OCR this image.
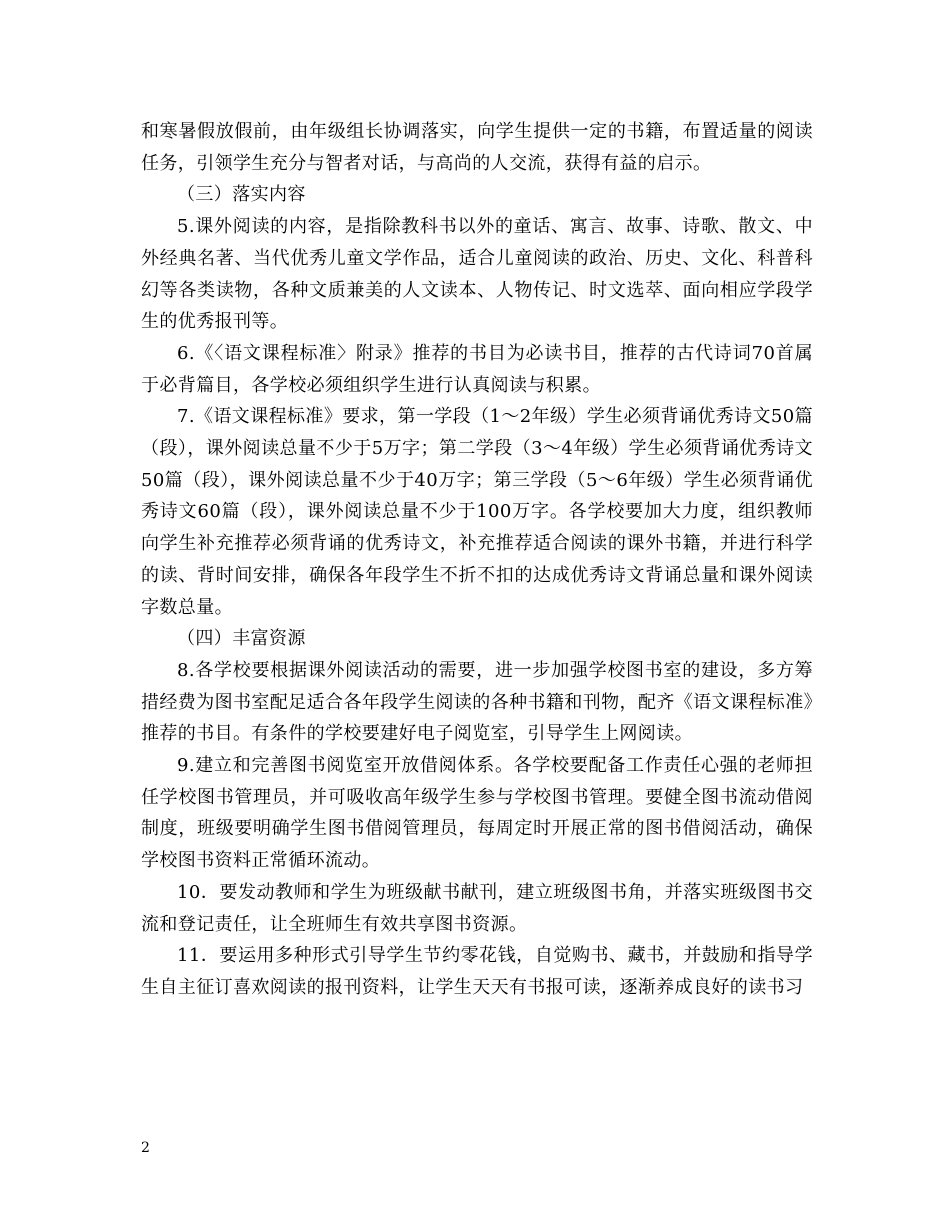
和寒暑假放假前，由年级组长协调落实，向学生提供一定的书籍，布置适量的阅读任务，引领学生充分与智者对话，与高尚的人交流，获得有益的启示。

（三）落实内容

5.课外阅读的内容，是指除教科书以外的童话、寓言、故事、诗歌、散文、中外经典名著、当代优秀儿童文学作品，适合儿童阅读的政治、历史、文化、科普科幻等各类读物，各种文质兼美的人文读本、人物传记、时文选萃、面向相应学段学生的优秀报刊等。

6.《〈语文课程标准〉附录》推荐的书目为必读书目，推荐的古代诗词70首属于必背篇目，各学校必须组织学生进行认真阅读与积累。

7.《语文课程标准》要求，第一学段（1～2年级）学生必须背诵优秀诗文50篇（段），课外阅读总量不少于5万字；第二学段（3～4年级）学生必须背诵优秀诗文50篇（段），课外阅读总量不少于40万字；第三学段（5～6年级）学生必须背诵优秀诗文60篇（段），课外阅读总量不少于100万字。各学校要加大力度，组织教师向学生补充推荐必须背诵的优秀诗文，补充推荐适合阅读的课外书籍，并进行科学的读、背时间安排，确保各年段学生不折不扣的达成优秀诗文背诵总量和课外阅读字数总量。

（四）丰富资源

8.各学校要根据课外阅读活动的需要，进一步加强学校图书室的建设，多方筹措经费为图书室配足适合各年段学生阅读的各种书籍和刊物，配齐《语文课程标准》推荐的书目。有条件的学校要建好电子阅览室，引导学生上网阅读。

9.建立和完善图书阅览室开放借阅体系。各学校要配备工作责任心强的老师担任学校图书管理员，并可吸收高年级学生参与学校图书管理。要健全图书流动借阅制度，班级要明确学生图书借阅管理员，每周定时开展正常的图书借阅活动，确保学校图书资料正常循环流动。

10．要发动教师和学生为班级献书献刊，建立班级图书角，并落实班级图书交流和登记责任，让全班师生有效共享图书资源。

11．要运用多种形式引导学生节约零花钱，自觉购书、藏书，并鼓励和指导学生自主征订喜欢阅读的报刊资料，让学生天天有书报可读，逐渐养成良好的读书习

2
